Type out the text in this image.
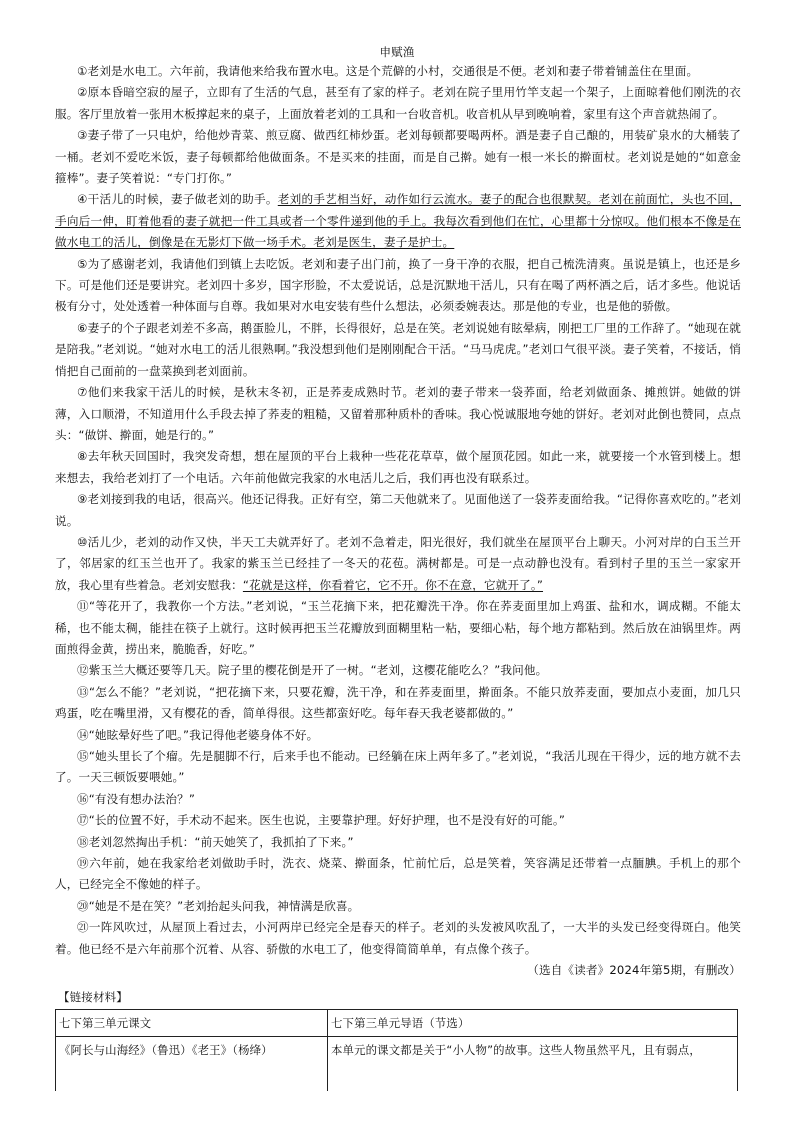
申赋渔

①老刘是水电工。六年前，我请他来给我布置水电。这是个荒僻的小村，交通很是不便。老刘和妻子带着铺盖住在里面。

②原本昏暗空寂的屋子，立即有了生活的气息，甚至有了家的样子。老刘在院子里用竹竿支起一个架子，上面晾着他们刚洗的衣服。客厅里放着一张用木板撑起来的桌子，上面放着老刘的工具和一台收音机。收音机从早到晚响着，家里有这个声音就热闹了。

③妻子带了一只电炉，给他炒青菜、煎豆腐、做西红柿炒蛋。老刘每顿都要喝两杯。酒是妻子自己酿的，用装矿泉水的大桶装了一桶。老刘不爱吃米饭，妻子每顿都给他做面条。不是买来的挂面，而是自己擀。她有一根一米长的擀面杖。老刘说是她的“如意金箍棒”。妻子笑着说：“专门打你。”

④干活儿的时候，妻子做老刘的助手。老刘的手艺相当好，动作如行云流水。妻子的配合也很默契。老刘在前面忙，头也不回，手向后一伸，盯着他看的妻子就把一件工具或者一个零件递到他的手上。我每次看到他们在忙，心里都十分惊叹。他们根本不像是在做水电工的活儿，倒像是在无影灯下做一场手术。老刘是医生，妻子是护士。

⑤为了感谢老刘，我请他们到镇上去吃饭。老刘和妻子出门前，换了一身干净的衣服，把自己梳洗清爽。虽说是镇上，也还是乡下。可是他们还是要讲究。老刘四十多岁，国字形脸，不太爱说话，总是沉默地干活儿，只有在喝了两杯酒之后，话才多些。他说话极有分寸，处处透着一种体面与自尊。我如果对水电安装有些什么想法，必须委婉表达。那是他的专业，也是他的骄傲。

⑥妻子的个子跟老刘差不多高，鹅蛋脸儿，不胖，长得很好，总是在笑。老刘说她有眩晕病，刚把工厂里的工作辞了。“她现在就是陪我。”老刘说。“她对水电工的活儿很熟啊。”我没想到他们是刚刚配合干活。“马马虎虎。”老刘口气很平淡。妻子笑着，不接话，悄悄把自己面前的一盘菜换到老刘面前。

⑦他们来我家干活儿的时候，是秋末冬初，正是荞麦成熟时节。老刘的妻子带来一袋荞面，给老刘做面条、摊煎饼。她做的饼薄，入口顺滑，不知道用什么手段去掉了荞麦的粗糙，又留着那种质朴的香味。我心悦诚服地夸她的饼好。老刘对此倒也赞同，点点头：“做饼、擀面，她是行的。”

⑧去年秋天回国时，我突发奇想，想在屋顶的平台上栽种一些花花草草，做个屋顶花园。如此一来，就要接一个水管到楼上。想来想去，我给老刘打了一个电话。六年前他做完我家的水电活儿之后，我们再也没有联系过。

⑨老刘接到我的电话，很高兴。他还记得我。正好有空，第二天他就来了。见面他送了一袋荞麦面给我。“记得你喜欢吃的。”老刘说。

⑩活儿少，老刘的动作又快，半天工夫就弄好了。老刘不急着走，阳光很好，我们就坐在屋顶平台上聊天。小河对岸的白玉兰开了，邻居家的红玉兰也开了。我家的紫玉兰已经挂了一冬天的花苞。满树都是。可是一点动静也没有。看到村子里的玉兰一家家开放，我心里有些着急。老刘安慰我：“花就是这样，你看着它，它不开。你不在意，它就开了。”

⑪“等花开了，我教你一个方法。”老刘说，“玉兰花摘下来，把花瓣洗干净。你在荞麦面里加上鸡蛋、盐和水，调成糊。不能太稀，也不能太稠，能挂在筷子上就行。这时候再把玉兰花瓣放到面糊里粘一粘，要细心粘，每个地方都粘到。然后放在油锅里炸。两面煎得金黄，捞出来，脆脆香，好吃。”

⑫紫玉兰大概还要等几天。院子里的樱花倒是开了一树。“老刘，这樱花能吃么？”我问他。

⑬“怎么不能？”老刘说，“把花摘下来，只要花瓣，洗干净，和在荞麦面里，擀面条。不能只放荞麦面，要加点小麦面，加几只鸡蛋，吃在嘴里滑，又有樱花的香，简单得很。这些都蛮好吃。每年春天我老婆都做的。”

⑭“她眩晕好些了吧。”我记得他老婆身体不好。

⑮“她头里长了个瘤。先是腿脚不行，后来手也不能动。已经躺在床上两年多了。”老刘说，“我活儿现在干得少，远的地方就不去了。一天三顿饭要喂她。”

⑯“有没有想办法治？”

⑰“长的位置不好，手术动不起来。医生也说，主要靠护理。好好护理，也不是没有好的可能。”

⑱老刘忽然掏出手机：“前天她笑了，我抓拍了下来。”

⑲六年前，她在我家给老刘做助手时，洗衣、烧菜、擀面条，忙前忙后，总是笑着，笑容满足还带着一点腼腆。手机上的那个人，已经完全不像她的样子。

⑳“她是不是在笑？”老刘抬起头问我，神情满是欣喜。

㉑一阵风吹过，从屋顶上看过去，小河两岸已经完全是春天的样子。老刘的头发被风吹乱了，一大半的头发已经变得斑白。他笑着。他已经不是六年前那个沉着、从容、骄傲的水电工了，他变得简简单单，有点像个孩子。

（选自《读者》2024年第5期，有删改）

【链接材料】
七下第三单元课文	七下第三单元导语（节选）
《阿长与山海经》（鲁迅）《老王》（杨绛）	本单元的课文都是关于“小人物”的故事。这些人物虽然平凡，且有弱点，
